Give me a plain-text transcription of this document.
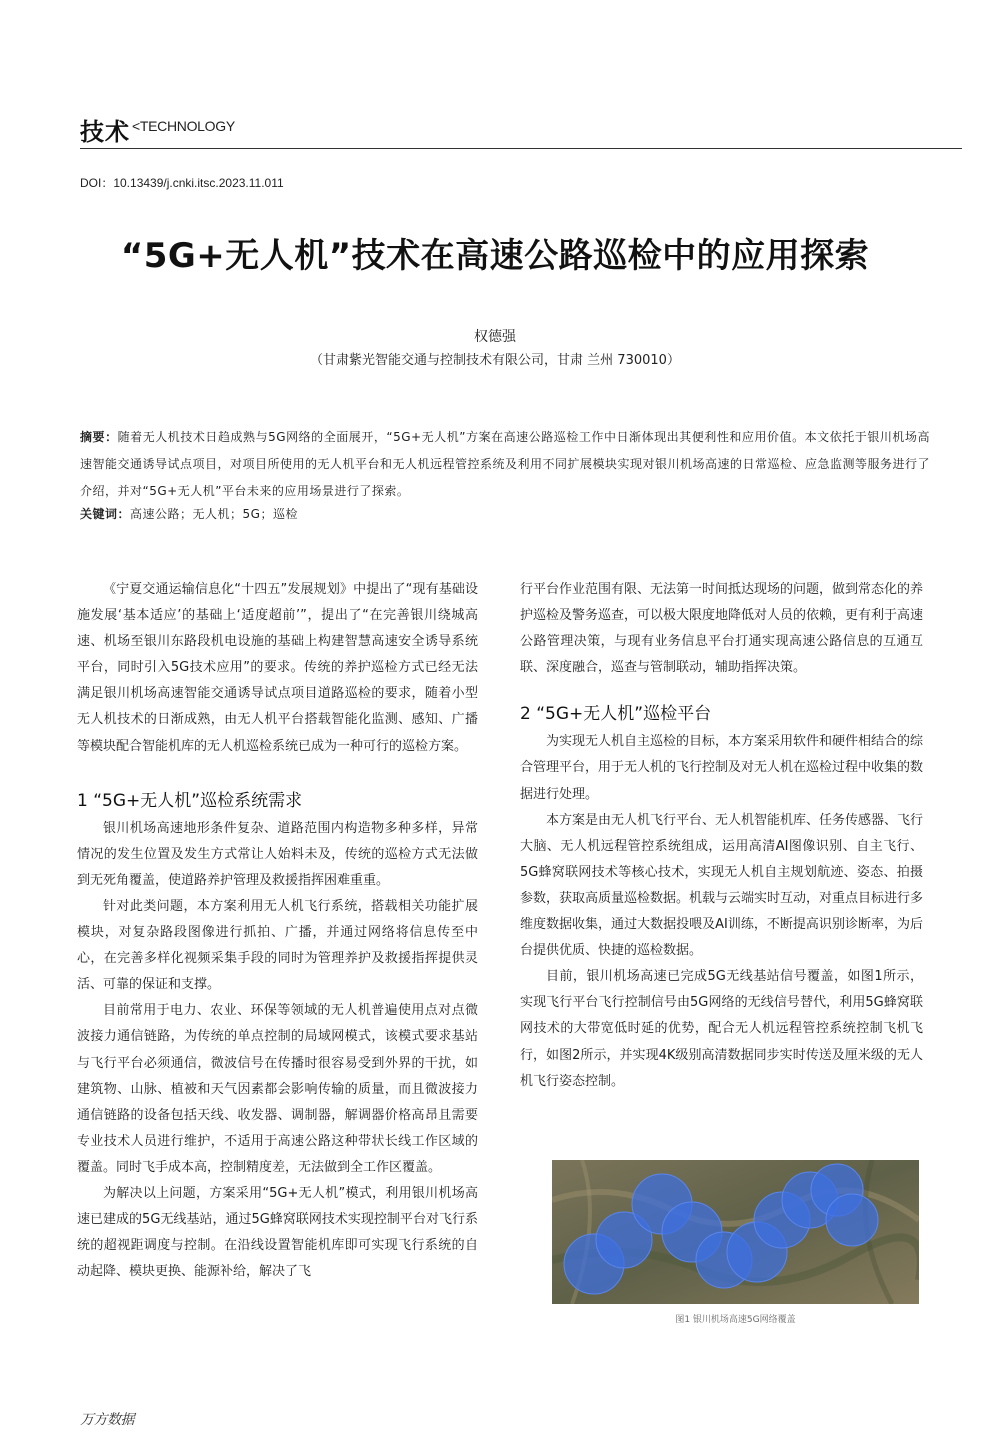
技术 <TECHNOLOGY
DOI：10.13439/j.cnki.itsc.2023.11.011
“5G+无人机”技术在高速公路巡检中的应用探索
权德强
（甘肃紫光智能交通与控制技术有限公司，甘肃 兰州 730010）
摘要：随着无人机技术日趋成熟与5G网络的全面展开，“5G+无人机”方案在高速公路巡检工作中日渐体现出其便利性和应用价值。本文依托于银川机场高速智能交通诱导试点项目，对项目所使用的无人机平台和无人机远程管控系统及利用不同扩展模块实现对银川机场高速的日常巡检、应急监测等服务进行了介绍，并对“5G+无人机”平台未来的应用场景进行了探索。
关键词：高速公路；无人机；5G；巡检

《宁夏交通运输信息化“十四五”发展规划》中提出了“现有基础设施发展‘基本适应’的基础上‘适度超前’”，提出了“在完善银川绕城高速、机场至银川东路段机电设施的基础上构建智慧高速安全诱导系统平台，同时引入5G技术应用”的要求。传统的养护巡检方式已经无法满足银川机场高速智能交通诱导试点项目道路巡检的要求，随着小型无人机技术的日渐成熟，由无人机平台搭载智能化监测、感知、广播等模块配合智能机库的无人机巡检系统已成为一种可行的巡检方案。

1 “5G+无人机”巡检系统需求

银川机场高速地形条件复杂、道路范围内构造物多种多样，异常情况的发生位置及发生方式常让人始料未及，传统的巡检方式无法做到无死角覆盖，使道路养护管理及救援指挥困难重重。

针对此类问题，本方案利用无人机飞行系统，搭载相关功能扩展模块，对复杂路段图像进行抓拍、广播，并通过网络将信息传至中心，在完善多样化视频采集手段的同时为管理养护及救援指挥提供灵活、可靠的保证和支撑。

目前常用于电力、农业、环保等领域的无人机普遍使用点对点微波接力通信链路，为传统的单点控制的局域网模式，该模式要求基站与飞行平台必须通信，微波信号在传播时很容易受到外界的干扰，如建筑物、山脉、植被和天气因素都会影响传输的质量，而且微波接力通信链路的设备包括天线、收发器、调制器，解调器价格高昂且需要专业技术人员进行维护，不适用于高速公路这种带状长线工作区域的覆盖。同时飞手成本高，控制精度差，无法做到全工作区覆盖。

为解决以上问题，方案采用“5G+无人机”模式，利用银川机场高速已建成的5G无线基站，通过5G蜂窝联网技术实现控制平台对飞行系统的超视距调度与控制。在沿线设置智能机库即可实现飞行系统的自动起降、模块更换、能源补给，解决了飞

行平台作业范围有限、无法第一时间抵达现场的问题，做到常态化的养护巡检及警务巡查，可以极大限度地降低对人员的依赖，更有利于高速公路管理决策，与现有业务信息平台打通实现高速公路信息的互通互联、深度融合，巡查与管制联动，辅助指挥决策。

2 “5G+无人机”巡检平台

为实现无人机自主巡检的目标，本方案采用软件和硬件相结合的综合管理平台，用于无人机的飞行控制及对无人机在巡检过程中收集的数据进行处理。

本方案是由无人机飞行平台、无人机智能机库、任务传感器、飞行大脑、无人机远程管控系统组成，运用高清AI图像识别、自主飞行、5G蜂窝联网技术等核心技术，实现无人机自主规划航迹、姿态、拍摄参数，获取高质量巡检数据。机载与云端实时互动，对重点目标进行多维度数据收集，通过大数据投喂及AI训练，不断提高识别诊断率，为后台提供优质、快捷的巡检数据。

目前，银川机场高速已完成5G无线基站信号覆盖，如图1所示，实现飞行平台飞行控制信号由5G网络的无线信号替代，利用5G蜂窝联网技术的大带宽低时延的优势，配合无人机远程管控系统控制飞机飞行，如图2所示，并实现4K级别高清数据同步实时传送及厘米级的无人机飞行姿态控制。

图1 银川机场高速5G网络覆盖
万方数据
